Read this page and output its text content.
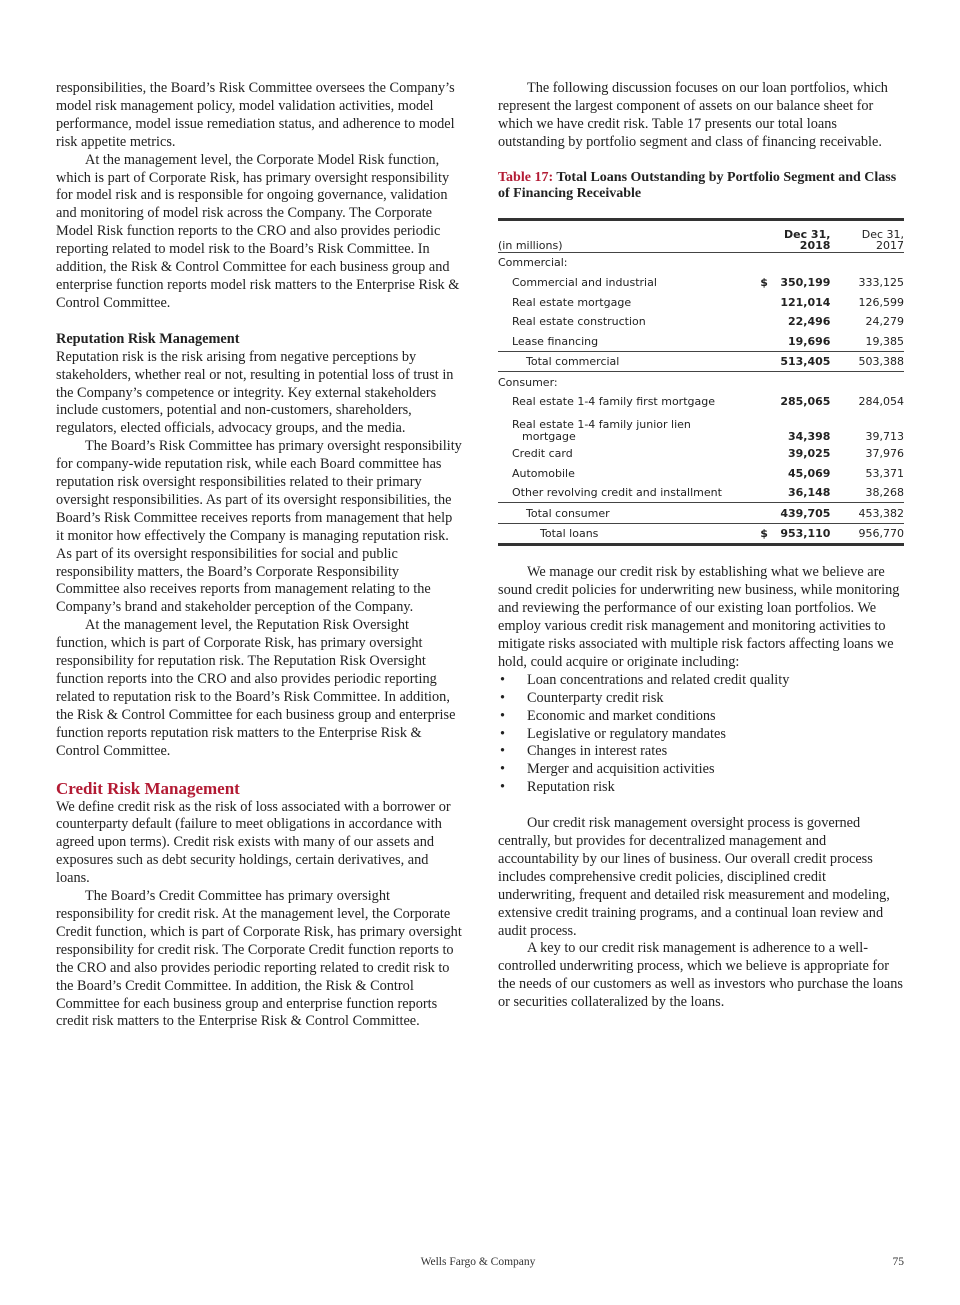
responsibilities, the Board’s Risk Committee oversees the Company’s model risk management policy, model validation activities, model performance, model issue remediation status, and adherence to model risk appetite metrics.

At the management level, the Corporate Model Risk function, which is part of Corporate Risk, has primary oversight responsibility for model risk and is responsible for ongoing governance, validation and monitoring of model risk across the Company. The Corporate Model Risk function reports to the CRO and also provides periodic reporting related to model risk to the Board’s Risk Committee. In addition, the Risk & Control Committee for each business group and enterprise function reports model risk matters to the Enterprise Risk & Control Committee.

Reputation Risk Management

Reputation risk is the risk arising from negative perceptions by stakeholders, whether real or not, resulting in potential loss of trust in the Company’s competence or integrity. Key external stakeholders include customers, potential and non-customers, shareholders, regulators, elected officials, advocacy groups, and the media.

The Board’s Risk Committee has primary oversight responsibility for company-wide reputation risk, while each Board committee has reputation risk oversight responsibilities related to their primary oversight responsibilities. As part of its oversight responsibilities, the Board’s Risk Committee receives reports from management that help it monitor how effectively the Company is managing reputation risk. As part of its oversight responsibilities for social and public responsibility matters, the Board’s Corporate Responsibility Committee also receives reports from management relating to the Company’s brand and stakeholder perception of the Company.

At the management level, the Reputation Risk Oversight function, which is part of Corporate Risk, has primary oversight responsibility for reputation risk. The Reputation Risk Oversight function reports into the CRO and also provides periodic reporting related to reputation risk to the Board’s Risk Committee. In addition, the Risk & Control Committee for each business group and enterprise function reports reputation risk matters to the Enterprise Risk & Control Committee.

Credit Risk Management

We define credit risk as the risk of loss associated with a borrower or counterparty default (failure to meet obligations in accordance with agreed upon terms). Credit risk exists with many of our assets and exposures such as debt security holdings, certain derivatives, and loans.

The Board’s Credit Committee has primary oversight responsibility for credit risk. At the management level, the Corporate Credit function, which is part of Corporate Risk, has primary oversight responsibility for credit risk. The Corporate Credit function reports to the CRO and also provides periodic reporting related to credit risk to the Board’s Credit Committee. In addition, the Risk & Control Committee for each business group and enterprise function reports credit risk matters to the Enterprise Risk & Control Committee.

The following discussion focuses on our loan portfolios, which represent the largest component of assets on our balance sheet for which we have credit risk. Table 17 presents our total loans outstanding by portfolio segment and class of financing receivable.

Table 17: Total Loans Outstanding by Portfolio Segment and Class of Financing Receivable

(in millions)		Dec 31, 2018		Dec 31, 2017
Commercial:				
Commercial and industrial	$	350,199		333,125
Real estate mortgage		121,014		126,599
Real estate construction		22,496		24,279
Lease financing		19,696		19,385
Total commercial		513,405		503,388
Consumer:				
Real estate 1-4 family first mortgage		285,065		284,054

Real estate 1-4 family junior lien
mortgage		34,398		39,713
Credit card		39,025		37,976
Automobile		45,069		53,371
Other revolving credit and installment		36,148		38,268
Total consumer		439,705		453,382
Total loans	$	953,110		956,770

We manage our credit risk by establishing what we believe are sound credit policies for underwriting new business, while monitoring and reviewing the performance of our existing loan portfolios. We employ various credit risk management and monitoring activities to mitigate risks associated with multiple risk factors affecting loans we hold, could acquire or originate including:

• Loan concentrations and related credit quality
• Counterparty credit risk
• Economic and market conditions
• Legislative or regulatory mandates
• Changes in interest rates
• Merger and acquisition activities
• Reputation risk

Our credit risk management oversight process is governed centrally, but provides for decentralized management and accountability by our lines of business. Our overall credit process includes comprehensive credit policies, disciplined credit underwriting, frequent and detailed risk measurement and modeling, extensive credit training programs, and a continual loan review and audit process.

A key to our credit risk management is adherence to a well-controlled underwriting process, which we believe is appropriate for the needs of our customers as well as investors who purchase the loans or securities collateralized by the loans.

Wells Fargo & Company	75
